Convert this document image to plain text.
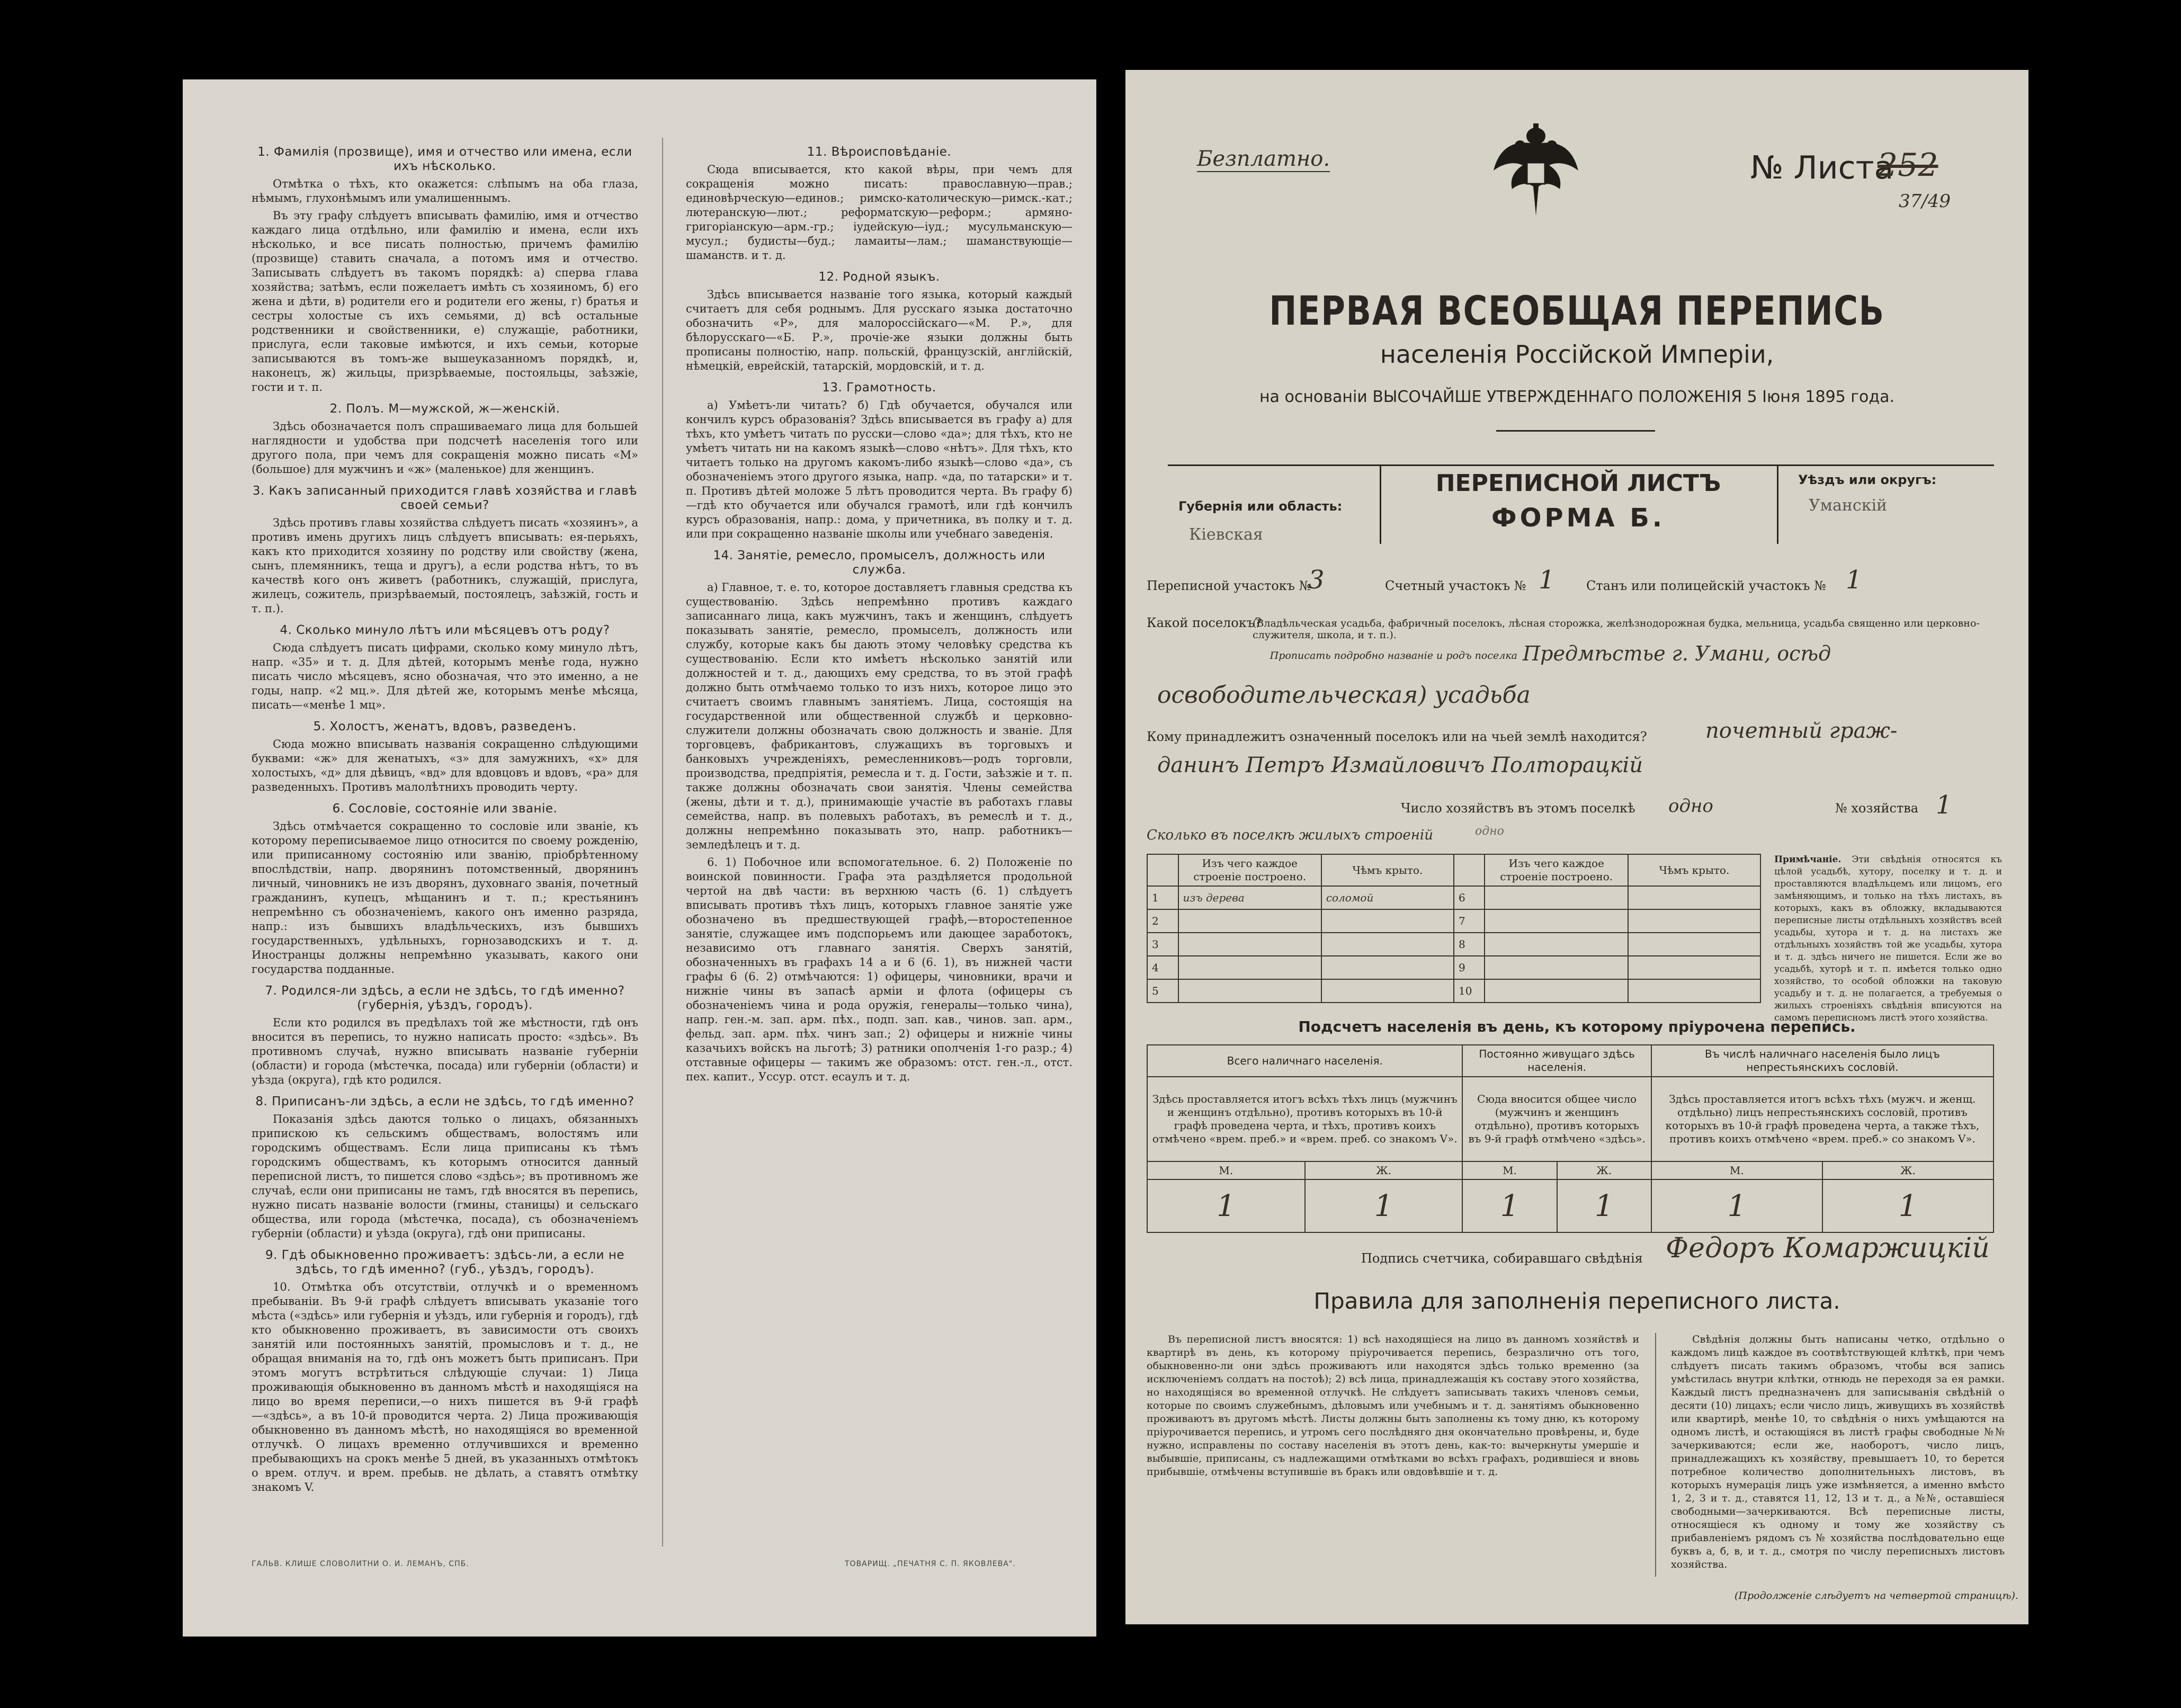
1. Фамилія (прозвище), имя и отчество или имена, если ихъ нѣсколько.

Отмѣтка о тѣхъ, кто окажется: слѣпымъ на оба глаза, нѣмымъ, глухонѣмымъ или умалишеннымъ.

Въ эту графу слѣдуетъ вписывать фамилію, имя и отчество каждаго лица отдѣльно, или фамилію и имена, если ихъ нѣсколько, и все писать полностью, причемъ фамилію (прозвище) ставить сначала, а потомъ имя и отчество. Записывать слѣдуетъ въ такомъ порядкѣ: а) сперва глава хозяйства; затѣмъ, если пожелаетъ имѣть съ хозяиномъ, б) его жена и дѣти, в) родители его и родители его жены, г) братья и сестры холостые съ ихъ семьями, д) всѣ остальные родственники и свойственники, е) служащіе, работники, прислуга, если таковые имѣются, и ихъ семьи, которые записываются въ томъ-же вышеуказанномъ порядкѣ, и, наконецъ, ж) жильцы, призрѣваемые, постояльцы, заѣзжіе, гости и т. п.

2. Полъ. М—мужской, ж—женскій.

Здѣсь обозначается полъ спрашиваемаго лица для большей наглядности и удобства при подсчетѣ населенія того или другого пола, при чемъ для сокращенія можно писать «М» (большое) для мужчинъ и «ж» (маленькое) для женщинъ.

3. Какъ записанный приходится главѣ хозяйства и главѣ своей семьи?

Здѣсь противъ главы хозяйства слѣдуетъ писать «хозяинъ», а противъ имень другихъ лицъ слѣдуетъ вписывать: ея-перьяхъ, какъ кто приходится хозяину по родству или свойству (жена, сынъ, племянникъ, теща и другъ), а если родства нѣтъ, то въ качествѣ кого онъ живетъ (работникъ, служащій, прислуга, жилецъ, сожитель, призрѣваемый, постоялецъ, заѣзжій, гость и т. п.).

4. Сколько минуло лѣтъ или мѣсяцевъ отъ роду?

Сюда слѣдуетъ писать цифрами, сколько кому минуло лѣтъ, напр. «35» и т. д. Для дѣтей, которымъ менѣе года, нужно писать число мѣсяцевъ, ясно обозначая, что это именно, а не годы, напр. «2 мц.». Для дѣтей же, которымъ менѣе мѣсяца, писать—«менѣе 1 мц».

5. Холостъ, женатъ, вдовъ, разведенъ.

Сюда можно вписывать названія сокращенно слѣдующими буквами: «ж» для женатыхъ, «з» для замужнихъ, «х» для холостыхъ, «д» для дѣвицъ, «вд» для вдовцовъ и вдовъ, «ра» для разведенныхъ. Противъ малолѣтнихъ проводить черту.

6. Сословіе, состояніе или званіе.

Здѣсь отмѣчается сокращенно то сословіе или званіе, къ которому переписываемое лицо относится по своему рожденію, или приписанному состоянію или званію, пріобрѣтенному впослѣдствіи, напр. дворянинъ потомственный, дворянинъ личный, чиновникъ не изъ дворянъ, духовнаго званія, почетный гражданинъ, купецъ, мѣщанинъ и т. п.; крестьянинъ непремѣнно съ обозначеніемъ, какого онъ именно разряда, напр.: изъ бывшихъ владѣльческихъ, изъ бывшихъ государственныхъ, удѣльныхъ, горнозаводскихъ и т. д. Иностранцы должны непремѣнно указывать, какого они государства подданные.

7. Родился-ли здѣсь, а если не здѣсь, то гдѣ именно? (губернія, уѣздъ, городъ).

Если кто родился въ предѣлахъ той же мѣстности, гдѣ онъ вносится въ перепись, то нужно написать просто: «здѣсь». Въ противномъ случаѣ, нужно вписывать названіе губерніи (области) и города (мѣстечка, посада) или губерніи (области) и уѣзда (округа), гдѣ кто родился.

8. Приписанъ-ли здѣсь, а если не здѣсь, то гдѣ именно?

Показанія здѣсь даются только о лицахъ, обязанныхъ припискою къ сельскимъ обществамъ, волостямъ или городскимъ обществамъ. Если лица приписаны къ тѣмъ городскимъ обществамъ, къ которымъ относится данный переписной листъ, то пишется слово «здѣсь»; въ противномъ же случаѣ, если они приписаны не тамъ, гдѣ вносятся въ перепись, нужно писать названіе волости (гмины, станицы) и сельскаго общества, или города (мѣстечка, посада), съ обозначеніемъ губерніи (области) и уѣзда (округа), гдѣ они приписаны.

9. Гдѣ обыкновенно проживаетъ: здѣсь-ли, а если не здѣсь, то гдѣ именно? (губ., уѣздъ, городъ).

10. Отмѣтка объ отсутствіи, отлучкѣ и о временномъ пребываніи. Въ 9-й графѣ слѣдуетъ вписывать указаніе того мѣста («здѣсь» или губернія и уѣздъ, или губернія и городъ), гдѣ кто обыкновенно проживаетъ, въ зависимости отъ своихъ занятій или постоянныхъ занятій, промысловъ и т. д., не обращая вниманія на то, гдѣ онъ можетъ быть приписанъ. При этомъ могутъ встрѣтиться слѣдующіе случаи: 1) Лица проживающія обыкновенно въ данномъ мѣстѣ и находящіяся на лицо во время переписи,—о нихъ пишется въ 9-й графѣ—«здѣсь», а въ 10-й проводится черта. 2) Лица проживающія обыкновенно въ данномъ мѣстѣ, но находящіяся во временной отлучкѣ. О лицахъ временно отлучившихся и временно пребывающихъ на срокъ менѣе 5 дней, въ указанныхъ отмѣтокъ о врем. отлуч. и врем. пребыв. не дѣлать, а ставятъ отмѣтку знакомъ V.

11. Вѣроисповѣданіе.

Сюда вписывается, кто какой вѣры, при чемъ для сокращенія можно писать: православную—прав.; единовѣрческую—единов.; римско-католическую—римск.-кат.; лютеранскую—лют.; реформатскую—реформ.; армяно-григоріанскую—арм.-гр.; іудейскую—іуд.; мусульманскую—мусул.; будисты—буд.; ламаиты—лам.; шаманствующіе—шаманств. и т. д.

12. Родной языкъ.

Здѣсь вписывается названіе того языка, который каждый считаетъ для себя роднымъ. Для русскаго языка достаточно обозначить «Р», для малороссійскаго—«М. Р.», для бѣлорусскаго—«Б. Р.», прочіе-же языки должны быть прописаны полностію, напр. польскій, французскій, англійскій, нѣмецкій, еврейскій, татарскій, мордовскій, и т. д.

13. Грамотность.

а) Умѣетъ-ли читать? б) Гдѣ обучается, обучался или кончилъ курсъ образованія? Здѣсь вписывается въ графу а) для тѣхъ, кто умѣетъ читать по русски—слово «да»; для тѣхъ, кто не умѣетъ читать ни на какомъ языкѣ—слово «нѣтъ». Для тѣхъ, кто читаетъ только на другомъ какомъ-либо языкѣ—слово «да», съ обозначеніемъ этого другого языка, напр. «да, по татарски» и т. п. Противъ дѣтей моложе 5 лѣтъ проводится черта. Въ графу б)—гдѣ кто обучается или обучался грамотѣ, или гдѣ кончилъ курсъ образованія, напр.: дома, у причетника, въ полку и т. д. или при сокращенно названіе школы или учебнаго заведенія.

14. Занятіе, ремесло, промыселъ, должность или служба.

а) Главное, т. е. то, которое доставляетъ главныя средства къ существованію. Здѣсь непремѣнно противъ каждаго записаннаго лица, какъ мужчинъ, такъ и женщинъ, слѣдуетъ показывать занятіе, ремесло, промыселъ, должность или службу, которые какъ бы дають этому человѣку средства къ существованію. Если кто имѣетъ нѣсколько занятій или должностей и т. д., дающихъ ему средства, то въ этой графѣ должно быть отмѣчаемо только то изъ нихъ, которое лицо это считаетъ своимъ главнымъ занятіемъ. Лица, состоящія на государственной или общественной службѣ и церковно-служители должны обозначать свою должность и званіе. Для торговцевъ, фабрикантовъ, служащихъ въ торговыхъ и банковыхъ учрежденіяхъ, ремесленниковъ—родъ торговли, производства, предпріятія, ремесла и т. д. Гости, заѣзжіе и т. п. также должны обозначать свои занятія. Члены семейства (жены, дѣти и т. д.), принимающіе участіе въ работахъ главы семейства, напр. въ полевыхъ работахъ, въ ремеслѣ и т. д., должны непремѣнно показывать это, напр. работникъ—земледѣлецъ и т. д.

6. 1) Побочное или вспомогательное. 6. 2) Положеніе по воинской повинности. Графа эта раздѣляется продольной чертой на двѣ части: въ верхнюю часть (6. 1) слѣдуетъ вписывать противъ тѣхъ лицъ, которыхъ главное занятіе уже обозначено въ предшествующей графѣ,—второстепенное занятіе, служащее имъ подспорьемъ или дающее заработокъ, независимо отъ главнаго занятія. Сверхъ занятій, обозначенныхъ въ графахъ 14 а и 6 (6. 1), въ нижней части графы 6 (6. 2) отмѣчаются: 1) офицеры, чиновники, врачи и нижніе чины въ запасѣ арміи и флота (офицеры съ обозначеніемъ чина и рода оружія, генералы—только чина), напр. ген.-м. зап. арм. пѣх., подп. зап. кав., чинов. зап. арм., фельд. зап. арм. пѣх. чинъ зап.; 2) офицеры и нижніе чины казачьихъ войскъ на льготѣ; 3) ратники ополченія 1-го разр.; 4) отставные офицеры — такимъ же образомъ: отст. ген.-л., отст. пех. капит., Уссур. отст. есаулъ и т. д.

ГАЛЬВ. КЛИШЕ СЛОВОЛИТНИ О. И. ЛЕМАНЪ, СПБ.	ТОВАРИЩ. „ПЕЧАТНЯ С. П. ЯКОВЛЕВА".
Безплатно.	№ Листа
252
37/49
ПЕРВАЯ ВСЕОБЩАЯ ПЕРЕПИСЬ
населенія Россійской Имперіи,
на основаніи ВЫСОЧАЙШЕ УТВЕРЖДЕННАГО ПОЛОЖЕНІЯ 5 Іюня 1895 года.
ПЕРЕПИСНОЙ ЛИСТЪ
ФОРМА Б.
Губернія или область:
Кіевская
Уѣздъ или округъ:
Уманскій
Переписной участокъ №
3	Счетный участокъ № 1 Станъ или полицейскій участокъ № 1
Какой поселокъ?
(Владѣльческая усадьба, фабричный поселокъ, лѣсная сторожка, желѣзнодорожная будка, мельница, усадьба священно или церковно-служителя, школа, и т. п.).
Прописать подробно названіе и родъ поселка Предмѣстье г. Умани, осѣд
освободительческая) усадьба
Кому принадлежитъ означенный поселокъ или на чьей землѣ находится?	почетный граж-
данинъ Петръ Измайловичъ Полторацкій
Число хозяйствъ въ этомъ поселкѣ одно	№ хозяйства 1
Сколько въ поселкѣ жилыхъ строеній	одно
	Изъ чего каждое строеніе построено.	Чѣмъ крыто.		Изъ чего каждое строеніе построено.	Чѣмъ крыто.
1	изъ дерева	соломой	6		
2			7		
3			8		
4			9		
5			10		
Примѣчаніе. Эти свѣдѣнія относятся къ цѣлой усадьбѣ, хутору, поселку и т. д. и проставляются владѣльцемъ или лицомъ, его замѣняющимъ, и только на тѣхъ листахъ, въ которыхъ, какъ въ обложку, вкладываются переписные листы отдѣльныхъ хозяйствъ всей усадьбы, хутора и т. д. на листахъ же отдѣльныхъ хозяйствъ той же усадьбы, хутора и т. д. здѣсь ничего не пишется. Если же во усадьбѣ, хуторѣ и т. п. имѣется только одно хозяйство, то особой обложки на таковую усадьбу и т. д. не полагается, а требуемыя о жилыхъ строеніяхъ свѣдѣнія вписуются на самомъ переписномъ листѣ этого хозяйства.
Подсчетъ населенія въ день, къ которому пріурочена перепись.
Всего наличнаго населенія.		Постоянно живущаго здѣсь населенія.		Въ числѣ наличнаго населенія было лицъ непрестьянскихъ сословій.	
Здѣсь проставляется итогъ всѣхъ тѣхъ лицъ (мужчинъ и женщинъ отдѣльно), противъ которыхъ въ 10-й графѣ проведена черта, и тѣхъ, противъ коихъ отмѣчено «врем. преб.» и «врем. преб. со знакомъ V».		Сюда вносится общее число (мужчинъ и женщинъ отдѣльно), противъ которыхъ въ 9-й графѣ отмѣчено «здѣсь».		Здѣсь проставляется итогъ всѣхъ тѣхъ (мужч. и женщ. отдѣльно) лицъ непрестьянскихъ сословій, противъ которыхъ въ 10-й графѣ проведена черта, а также тѣхъ, противъ коихъ отмѣчено «врем. преб.» со знакомъ V».	
М.	Ж.	М.	Ж.	М.	Ж.
1	1	1	1	1	1
Подпись счетчика, собиравшаго свѣдѣнія Федоръ Комаржицкій
Правила для заполненія переписного листа.
Въ переписной листъ вносятся: 1) всѣ находящіеся на лицо въ данномъ хозяйствѣ и квартирѣ въ день, къ которому пріурочивается перепись, безразлично отъ того, обыкновенно-ли они здѣсь проживаютъ или находятся здѣсь только временно (за исключеніемъ солдатъ на постоѣ); 2) всѣ лица, принадлежащія къ составу этого хозяйства, но находящіяся во временной отлучкѣ. Не слѣдуетъ записывать такихъ членовъ семьи, которые по своимъ служебнымъ, дѣловымъ или учебнымъ и т. д. занятіямъ обыкновенно проживаютъ въ другомъ мѣстѣ. Листы должны быть заполнены къ тому дню, къ которому пріурочивается перепись, и утромъ сего послѣдняго дня окончательно провѣрены, и, буде нужно, исправлены по составу населенія въ этотъ день, как-то: вычеркнуты умершіе и выбывшіе, приписаны, съ надлежащими отмѣтками во всѣхъ графахъ, родившіеся и вновь прибывшіе, отмѣчены вступившіе въ бракъ или овдовѣвшіе и т. д.
Свѣдѣнія должны быть написаны четко, отдѣльно о каждомъ лицѣ каждое въ соотвѣтствующей клѣткѣ, при чемъ слѣдуетъ писать такимъ образомъ, чтобы вся запись умѣстилась внутри клѣтки, отнюдь не переходя за ея рамки. Каждый листъ предназначенъ для записыванія свѣдѣній о десяти (10) лицахъ; если число лицъ, живущихъ въ хозяйствѣ или квартирѣ, менѣе 10, то свѣдѣнія о нихъ умѣщаются на одномъ листѣ, и остающіяся въ листѣ графы свободные №№ зачеркиваются; если же, наоборотъ, число лицъ, принадлежащихъ къ хозяйству, превышаетъ 10, то берется потребное количество дополнительныхъ листовъ, въ которыхъ нумерація лицъ уже измѣняется, а именно вмѣсто 1, 2, 3 и т. д., ставятся 11, 12, 13 и т. д., а №№, оставшіеся свободными—зачеркиваются. Всѣ переписные листы, относящіеся къ одному и тому же хозяйству съ прибавленіемъ рядомъ съ № хозяйства послѣдовательно еще буквъ а, б, в, и т. д., смотря по числу переписныхъ листовъ хозяйства.
(Продолженіе слѣдуетъ на четвертой страницѣ).
